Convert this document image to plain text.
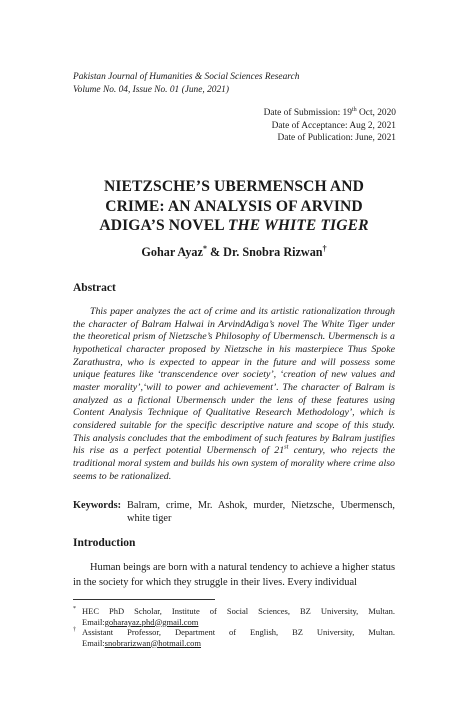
Pakistan Journal of Humanities & Social Sciences Research
Volume No. 04, Issue No. 01 (June, 2021)
Date of Submission: 19th Oct, 2020
Date of Acceptance: Aug 2, 2021
Date of Publication: June, 2021
NIETZSCHE’S UBERMENSCH AND
CRIME: AN ANALYSIS OF ARVIND
ADIGA’S NOVEL THE WHITE TIGER
Gohar Ayaz* & Dr. Snobra Rizwan†
Abstract

This paper analyzes the act of crime and its artistic rationalization through the character of Balram Halwai in ArvindAdiga’s novel The White Tiger under the theoretical prism of Nietzsche’s Philosophy of Ubermensch. Ubermensch is a hypothetical character proposed by Nietzsche in his masterpiece Thus Spoke Zarathustra, who is expected to appear in the future and will possess some unique features like ‘transcendence over society’, ‘creation of new values and master morality’,‘will to power and achievement’. The character of Balram is analyzed as a fictional Ubermensch under the lens of these features using Content Analysis Technique of Qualitative Research Methodology’, which is considered suitable for the specific descriptive nature and scope of this study. This analysis concludes that the embodiment of such features by Balram justifies his rise as a perfect potential Ubermensch of 21st century, who rejects the traditional moral system and builds his own system of morality where crime also seems to be rationalized.

Keywords: Balram, crime, Mr. Ashok, murder, Nietzsche, Ubermensch, white tiger
Introduction

Human beings are born with a natural tendency to achieve a higher status in the society for which they struggle in their lives. Every individual

* HEC PhD Scholar, Institute of Social Sciences, BZ University, Multan.
Email:goharayaz.phd@gmail.com
† Assistant Professor, Department of English, BZ University, Multan.
Email:snobrarizwan@hotmail.com
